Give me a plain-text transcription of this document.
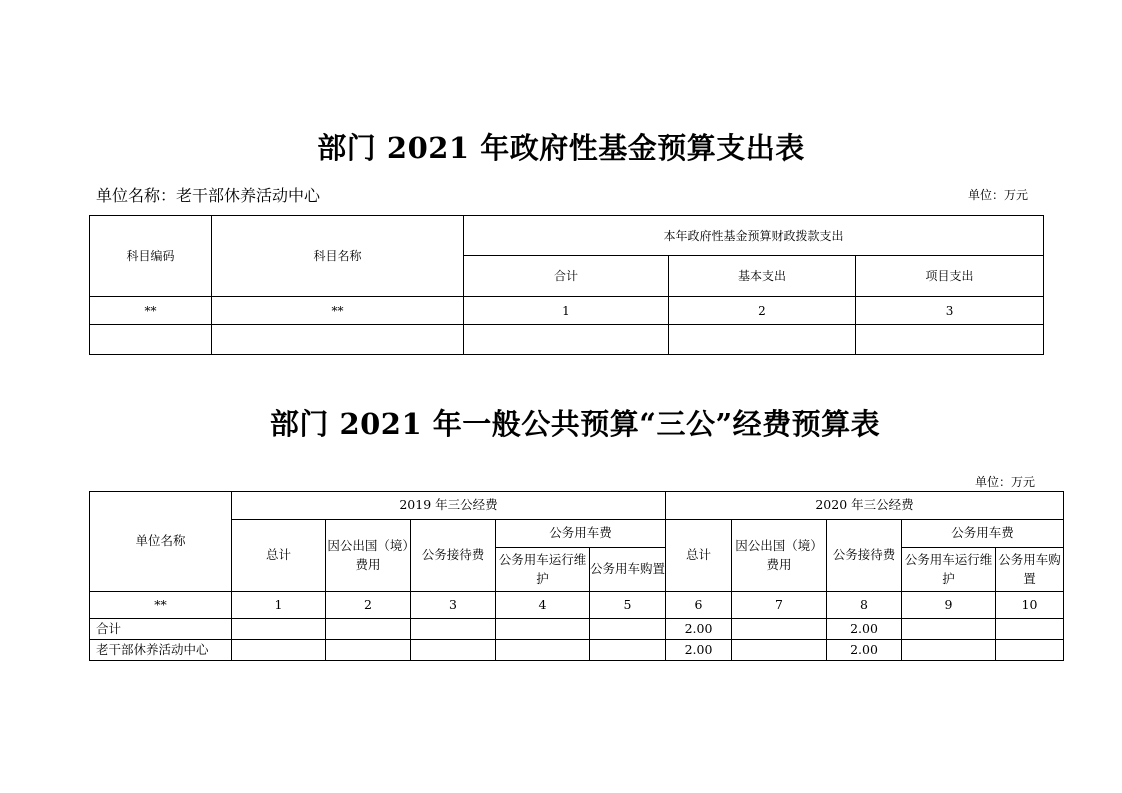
部门 2021 年政府性基金预算支出表
单位名称：老干部休养活动中心	单位：万元
科目编码	科目名称	本年政府性基金预算财政拨款支出		
		合计	基本支出	项目支出
**	**	1	2	3

部门 2021 年一般公共预算“三公”经费预算表
单位：万元
单位名称	2019 年三公经费					2020 年三公经费				
	总计	因公出国（境）费用	公务接待费	公务用车费		总计	因公出国（境）费用	公务接待费	公务用车费	
				公务用车运行维护	公务用车购置				公务用车运行维护	公务用车购置
**	1	2	3	4	5	6	7	8	9	10
合计						2.00		2.00		
老干部休养活动中心						2.00		2.00		
